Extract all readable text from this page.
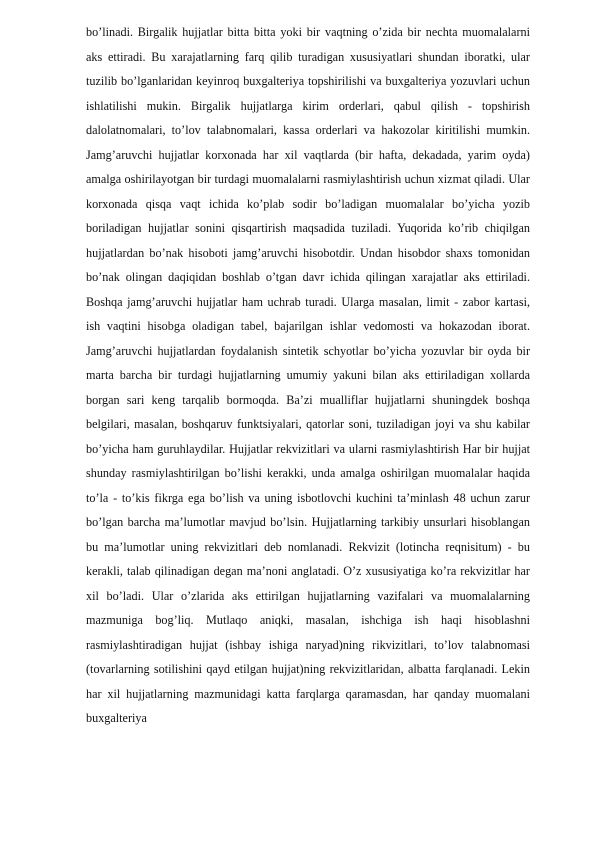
bo’linadi. Birgalik hujjatlar bitta bitta yoki bir vaqtning o’zida bir nechta muomalalarni aks ettiradi. Bu xarajatlarning farq qilib turadigan xususiyatlari shundan iboratki, ular tuzilib bo’lganlaridan keyinroq buxgalteriya topshirilishi va buxgalteriya yozuvlari uchun ishlatilishi mukin. Birgalik hujjatlarga kirim orderlari, qabul qilish - topshirish dalolatnomalari, to’lov talabnomalari, kassa orderlari va hakozolar kiritilishi mumkin. Jamg’aruvchi hujjatlar korxonada har xil vaqtlarda (bir hafta, dekadada, yarim oyda) amalga oshirilayotgan bir turdagi muomalalarni rasmiylashtirish uchun xizmat qiladi. Ular korxonada qisqa vaqt ichida ko’plab sodir bo’ladigan muomalalar bo’yicha yozib boriladigan hujjatlar sonini qisqartirish maqsadida tuziladi. Yuqorida ko’rib chiqilgan hujjatlardan bo’nak hisoboti jamg’aruvchi hisobotdir. Undan hisobdor shaxs tomonidan bo’nak olingan daqiqidan boshlab o’tgan davr ichida qilingan xarajatlar aks ettiriladi. Boshqa jamg’aruvchi hujjatlar ham uchrab turadi. Ularga masalan, limit - zabor kartasi, ish vaqtini hisobga oladigan tabel, bajarilgan ishlar vedomosti va hokazodan iborat. Jamg’aruvchi hujjatlardan foydalanish sintetik schyotlar bo’yicha yozuvlar bir oyda bir marta barcha bir turdagi hujjatlarning umumiy yakuni bilan aks ettiriladigan xollarda borgan sari keng tarqalib bormoqda. Ba’zi mualliflar hujjatlarni shuningdek boshqa belgilari, masalan, boshqaruv funktsiyalari, qatorlar soni, tuziladigan joyi va shu kabilar bo’yicha ham guruhlaydilar. Hujjatlar rekvizitlari va ularni rasmiylashtirish Har bir hujjat shunday rasmiylashtirilgan bo’lishi kerakki, unda amalga oshirilgan muomalalar haqida to’la - to’kis fikrga ega bo’lish va uning isbotlovchi kuchini ta’minlash 48 uchun zarur bo’lgan barcha ma’lumotlar mavjud bo’lsin. Hujjatlarning tarkibiy unsurlari hisoblangan bu ma’lumotlar uning rekvizitlari deb nomlanadi. Rekvizit (lotincha reqnisitum) - bu kerakli, talab qilinadigan degan ma’noni anglatadi. O’z xususiyatiga ko’ra rekvizitlar har xil bo’ladi. Ular o’zlarida aks ettirilgan hujjatlarning vazifalari va muomalalarning mazmuniga bog’liq. Mutlaqo aniqki, masalan, ishchiga ish haqi hisoblashni rasmiylashtiradigan hujjat (ishbay ishiga naryad)ning rikvizitlari, to’lov talabnomasi (tovarlarning sotilishini qayd etilgan hujjat)ning rekvizitlaridan, albatta farqlanadi. Lekin har xil hujjatlarning mazmunidagi katta farqlarga qaramasdan, har qanday muomalani buxgalteriya
